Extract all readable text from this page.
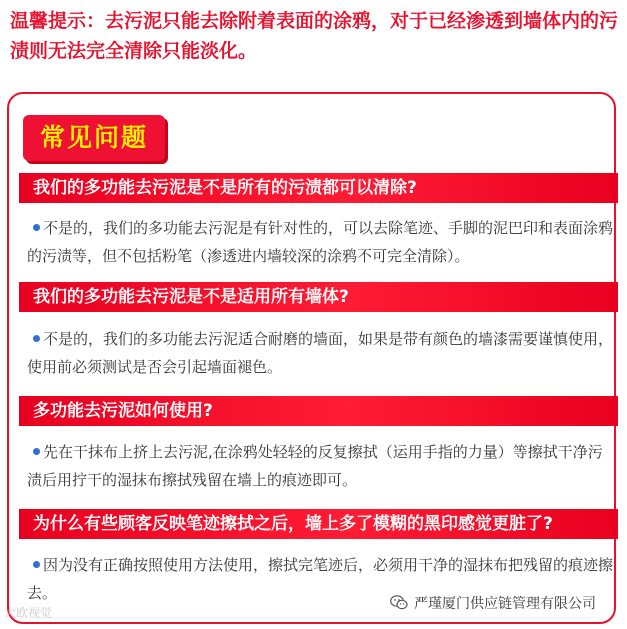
温馨提示：去污泥只能去除附着表面的涂鸦，对于已经渗透到墙体内的污渍则无法完全清除只能淡化。
常见问题
我们的多功能去污泥是不是所有的污渍都可以清除?
不是的，我们的多功能去污泥是有针对性的，可以去除笔迹、手脚的泥巴印和表面涂鸦的污渍等，但不包括粉笔（渗透进内墙较深的涂鸦不可完全清除）。
我们的多功能去污泥是不是适用所有墙体?
不是的，我们的多功能去污泥适合耐磨的墙面，如果是带有颜色的墙漆需要谨慎使用，使用前必须测试是否会引起墙面褪色。
多功能去污泥如何使用?
先在干抹布上挤上去污泥,在涂鸦处轻轻的反复擦拭（运用手指的力量）等擦拭干净污渍后用拧干的湿抹布擦拭残留在墙上的痕迹即可。
为什么有些顾客反映笔迹擦拭之后，墙上多了模糊的黑印感觉更脏了?
因为没有正确按照使用方法使用，擦拭完笔迹后，必须用干净的湿抹布把残留的痕迹擦去。
大欧视觉
严瑾厦门供应链管理有限公司
